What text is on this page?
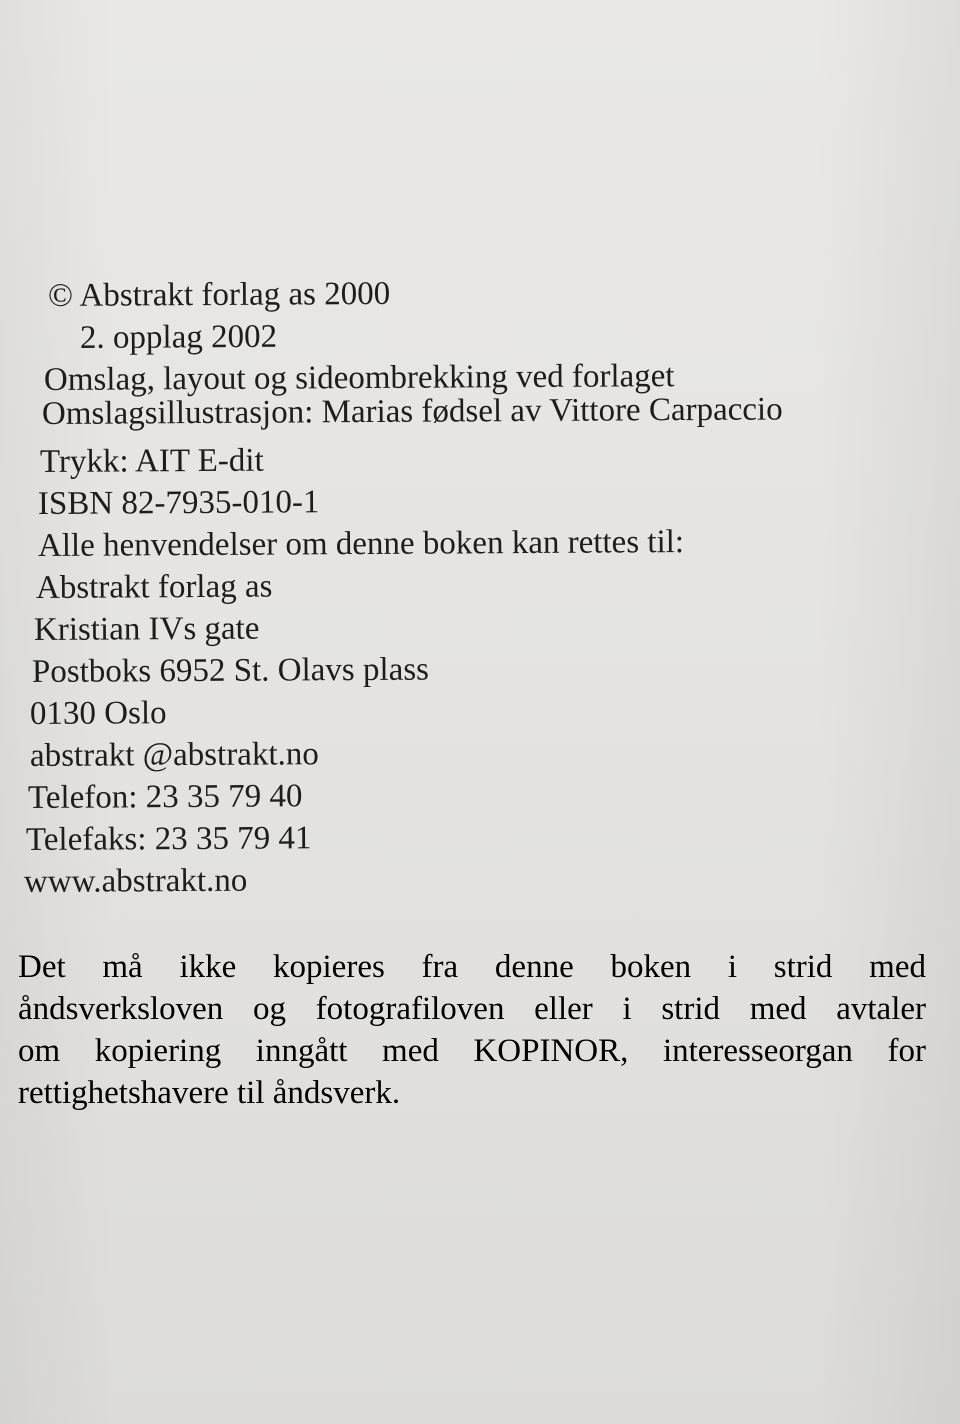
© Abstrakt forlag as 2000
2. opplag 2002
Omslag, layout og sideombrekking ved forlaget
Omslagsillustrasjon: Marias fødsel av Vittore Carpaccio
Trykk: AIT E-dit
ISBN 82-7935-010-1
Alle henvendelser om denne boken kan rettes til:
Abstrakt forlag as
Kristian IVs gate
Postboks 6952 St. Olavs plass
0130 Oslo
abstrakt @abstrakt.no
Telefon: 23 35 79 40
Telefaks: 23 35 79 41
www.abstrakt.no
Det må ikke kopieres fra denne boken i strid med
åndsverksloven og fotografiloven eller i strid med avtaler
om kopiering inngått med KOPINOR, interesseorgan for
rettighetshavere til åndsverk.
